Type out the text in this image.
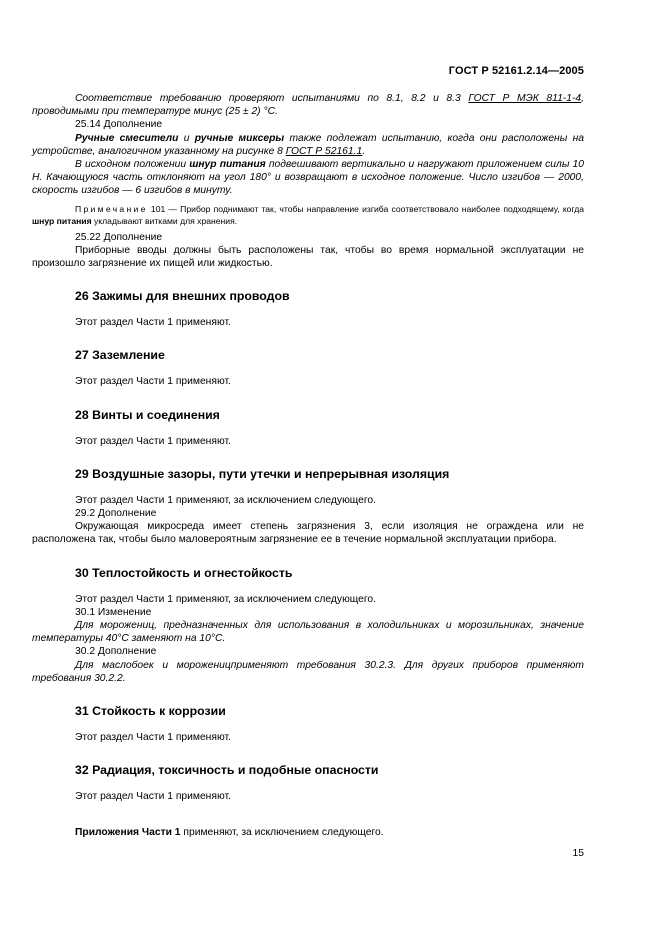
ГОСТ Р 52161.2.14—2005

Соответствие требованию проверяют испытаниями по 8.1, 8.2 и 8.3 ГОСТ Р МЭК 811-1-4, проводимыми при температуре минус (25 ± 2) °С.

25.14 Дополнение

Ручные смесители и ручные миксеры также подлежат испытанию, когда они расположены на устройстве, аналогичном указанному на рисунке 8 ГОСТ Р 52161.1.

В исходном положении шнур питания подвешивают вертикально и нагружают приложением силы 10 Н. Качающуюся часть отклоняют на угол 180° и возвращают в исходное положение. Число изгибов — 2000, скорость изгибов — 6 изгибов в минуту.

Примечание 101 — Прибор поднимают так, чтобы направление изгиба соответствовало наиболее подходящему, когда шнур питания укладывают витками для хранения.

25.22 Дополнение

Приборные вводы должны быть расположены так, чтобы во время нормальной эксплуатации не произошло загрязнение их пищей или жидкостью.

26 Зажимы для внешних проводов

Этот раздел Части 1 применяют.

27 Заземление

Этот раздел Части 1 применяют.

28 Винты и соединения

Этот раздел Части 1 применяют.

29 Воздушные зазоры, пути утечки и непрерывная изоляция

Этот раздел Части 1 применяют, за исключением следующего.

29.2 Дополнение

Окружающая микросреда имеет степень загрязнения 3, если изоляция не ограждена или не расположена так, чтобы было маловероятным загрязнение ее в течение нормальной эксплуатации прибора.

30 Теплостойкость и огнестойкость

Этот раздел Части 1 применяют, за исключением следующего.

30.1 Изменение

Для морожениц, предназначенных для использования в холодильниках и морозильниках, значение температуры 40°С заменяют на 10°С.

30.2 Дополнение

Для маслобоек и мороженицприменяют требования 30.2.3. Для других приборов применяют требования 30.2.2.

31 Стойкость к коррозии

Этот раздел Части 1 применяют.

32 Радиация, токсичность и подобные опасности

Этот раздел Части 1 применяют.

Приложения Части 1 применяют, за исключением следующего.
15
